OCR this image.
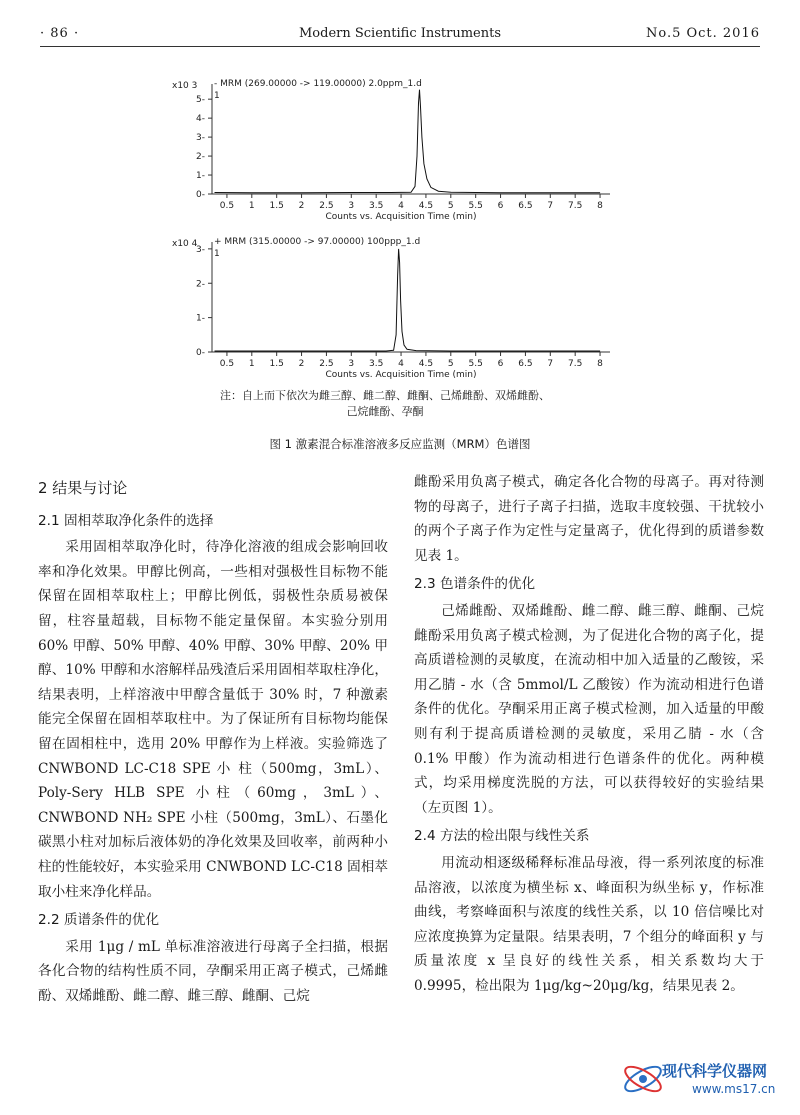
· 86 ·	Modern Scientific Instruments	No.5 Oct. 2016
x10 3 - MRM (269.00000 -> 119.00000) 2.0ppm_1.d
1
0-
1-
2-
3-
4-
5-
0.5 1 1.5 2 2.5 3 3.5 4 4.5 5 5.5 6 6.5 7 7.5 8
Counts vs. Acquisition Time (min)
x10 4 + MRM (315.00000 -> 97.00000) 100ppp_1.d
1
0-
1-
2-
3-
0.5 1 1.5 2 2.5 3 3.5 4 4.5 5 5.5 6 6.5 7 7.5 8
Counts vs. Acquisition Time (min)
注：自上而下依次为雌三醇、雌二醇、雌酮、己烯雌酚、双烯雌酚、
己烷雌酚、孕酮
图 1 激素混合标准溶液多反应监测（MRM）色谱图
2 结果与讨论
2.1 固相萃取净化条件的选择

采用固相萃取净化时，待净化溶液的组成会影响回收率和净化效果。甲醇比例高，一些相对强极性目标物不能保留在固相萃取柱上；甲醇比例低，弱极性杂质易被保留，柱容量超载，目标物不能定量保留。本实验分别用 60% 甲醇、50% 甲醇、40% 甲醇、30% 甲醇、20% 甲醇、10% 甲醇和水溶解样品残渣后采用固相萃取柱净化，结果表明，上样溶液中甲醇含量低于 30% 时，7 种激素能完全保留在固相萃取柱中。为了保证所有目标物均能保留在固相柱中，选用 20% 甲醇作为上样液。实验筛选了 CNWBOND LC-C18 SPE 小 柱（500mg，3mL）、Poly-Sery HLB SPE 小柱（60mg，3mL）、CNWBOND NH₂ SPE 小柱（500mg，3mL）、石墨化碳黑小柱对加标后液体奶的净化效果及回收率，前两种小柱的性能较好，本实验采用 CNWBOND LC-C18 固相萃取小柱来净化样品。

2.2 质谱条件的优化

采用 1μg / mL 单标准溶液进行母离子全扫描，根据各化合物的结构性质不同，孕酮采用正离子模式，己烯雌酚、双烯雌酚、雌二醇、雌三醇、雌酮、己烷

雌酚采用负离子模式，确定各化合物的母离子。再对待测物的母离子，进行子离子扫描，选取丰度较强、干扰较小的两个子离子作为定性与定量离子，优化得到的质谱参数见表 1。

2.3 色谱条件的优化

己烯雌酚、双烯雌酚、雌二醇、雌三醇、雌酮、己烷雌酚采用负离子模式检测，为了促进化合物的离子化，提高质谱检测的灵敏度，在流动相中加入适量的乙酸铵，采用乙腈 - 水（含 5mmol/L 乙酸铵）作为流动相进行色谱条件的优化。孕酮采用正离子模式检测，加入适量的甲酸则有利于提高质谱检测的灵敏度，采用乙腈 - 水（含 0.1% 甲酸）作为流动相进行色谱条件的优化。两种模式，均采用梯度洗脱的方法，可以获得较好的实验结果（左页图 1）。

2.4 方法的检出限与线性关系

用流动相逐级稀释标准品母液，得一系列浓度的标准品溶液，以浓度为横坐标 x、峰面积为纵坐标 y，作标准曲线，考察峰面积与浓度的线性关系，以 10 倍信噪比对应浓度换算为定量限。结果表明，7 个组分的峰面积 y 与质量浓度 x 呈良好的线性关系，相关系数均大于 0.9995，检出限为 1μg/kg~20μg/kg，结果见表 2。

现代科学仪器网
www.ms17.cn
